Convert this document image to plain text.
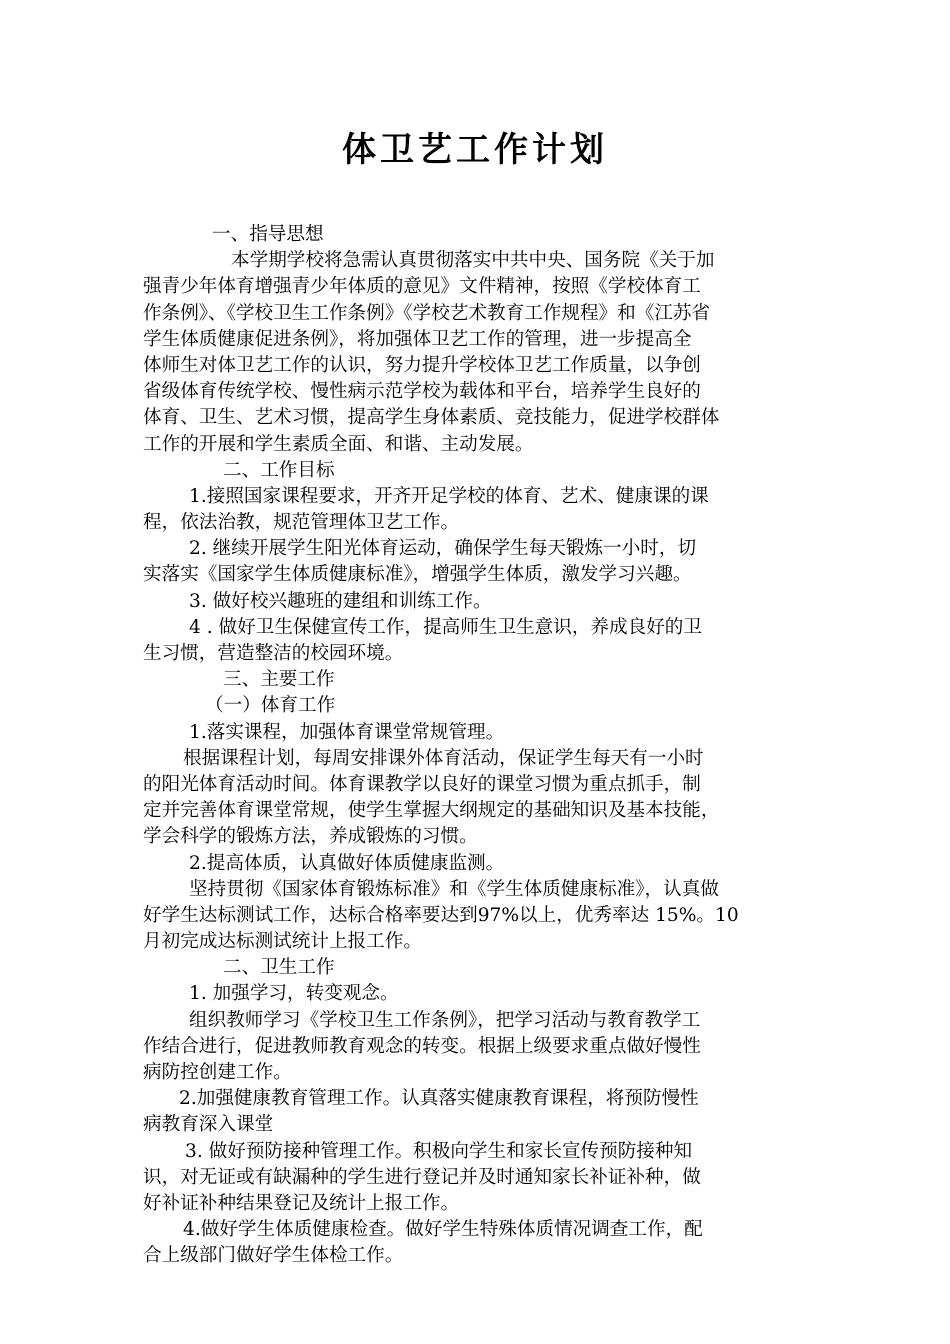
体卫艺工作计划
一、指导思想
本学期学校将急需认真贯彻落实中共中央、国务院《关于加
强青少年体育增强青少年体质的意见》文件精神，按照《学校体育工
作条例》、《学校卫生工作条例》《学校艺术教育工作规程》和《江苏省
学生体质健康促进条例》，将加强体卫艺工作的管理，进一步提高全
体师生对体卫艺工作的认识，努力提升学校体卫艺工作质量，以争创
省级体育传统学校、慢性病示范学校为载体和平台，培养学生良好的
体育、卫生、艺术习惯，提高学生身体素质、竞技能力，促进学校群体
工作的开展和学生素质全面、和谐、主动发展。
二、工作目标
1.接照国家课程要求，开齐开足学校的体育、艺术、健康课的课
程，依法治教，规范管理体卫艺工作。
2. 继续开展学生阳光体育运动，确保学生每天锻炼一小时，切
实落实《国家学生体质健康标准》，增强学生体质，激发学习兴趣。
3. 做好校兴趣班的建组和训练工作。
4 . 做好卫生保健宣传工作，提高师生卫生意识，养成良好的卫
生习惯，营造整洁的校园环境。
三、主要工作
（一）体育工作
1.落实课程，加强体育课堂常规管理。
根据课程计划，每周安排课外体育活动，保证学生每天有一小时
的阳光体育活动时间。体育课教学以良好的课堂习惯为重点抓手，制
定并完善体育课堂常规，使学生掌握大纲规定的基础知识及基本技能，
学会科学的锻炼方法，养成锻炼的习惯。
2.提高体质，认真做好体质健康监测。
坚持贯彻《国家体育锻炼标准》和《学生体质健康标准》，认真做
好学生达标测试工作，达标合格率要达到97%以上，优秀率达 15%。10
月初完成达标测试统计上报工作。
二、卫生工作
1. 加强学习，转变观念。
组织教师学习《学校卫生工作条例》，把学习活动与教育教学工
作结合进行，促进教师教育观念的转变。根据上级要求重点做好慢性
病防控创建工作。
2.加强健康教育管理工作。认真落实健康教育课程，将预防慢性
病教育深入课堂
3. 做好预防接种管理工作。积极向学生和家长宣传预防接种知
识，对无证或有缺漏种的学生进行登记并及时通知家长补证补种，做
好补证补种结果登记及统计上报工作。
4.做好学生体质健康检查。做好学生特殊体质情况调查工作，配
合上级部门做好学生体检工作。
